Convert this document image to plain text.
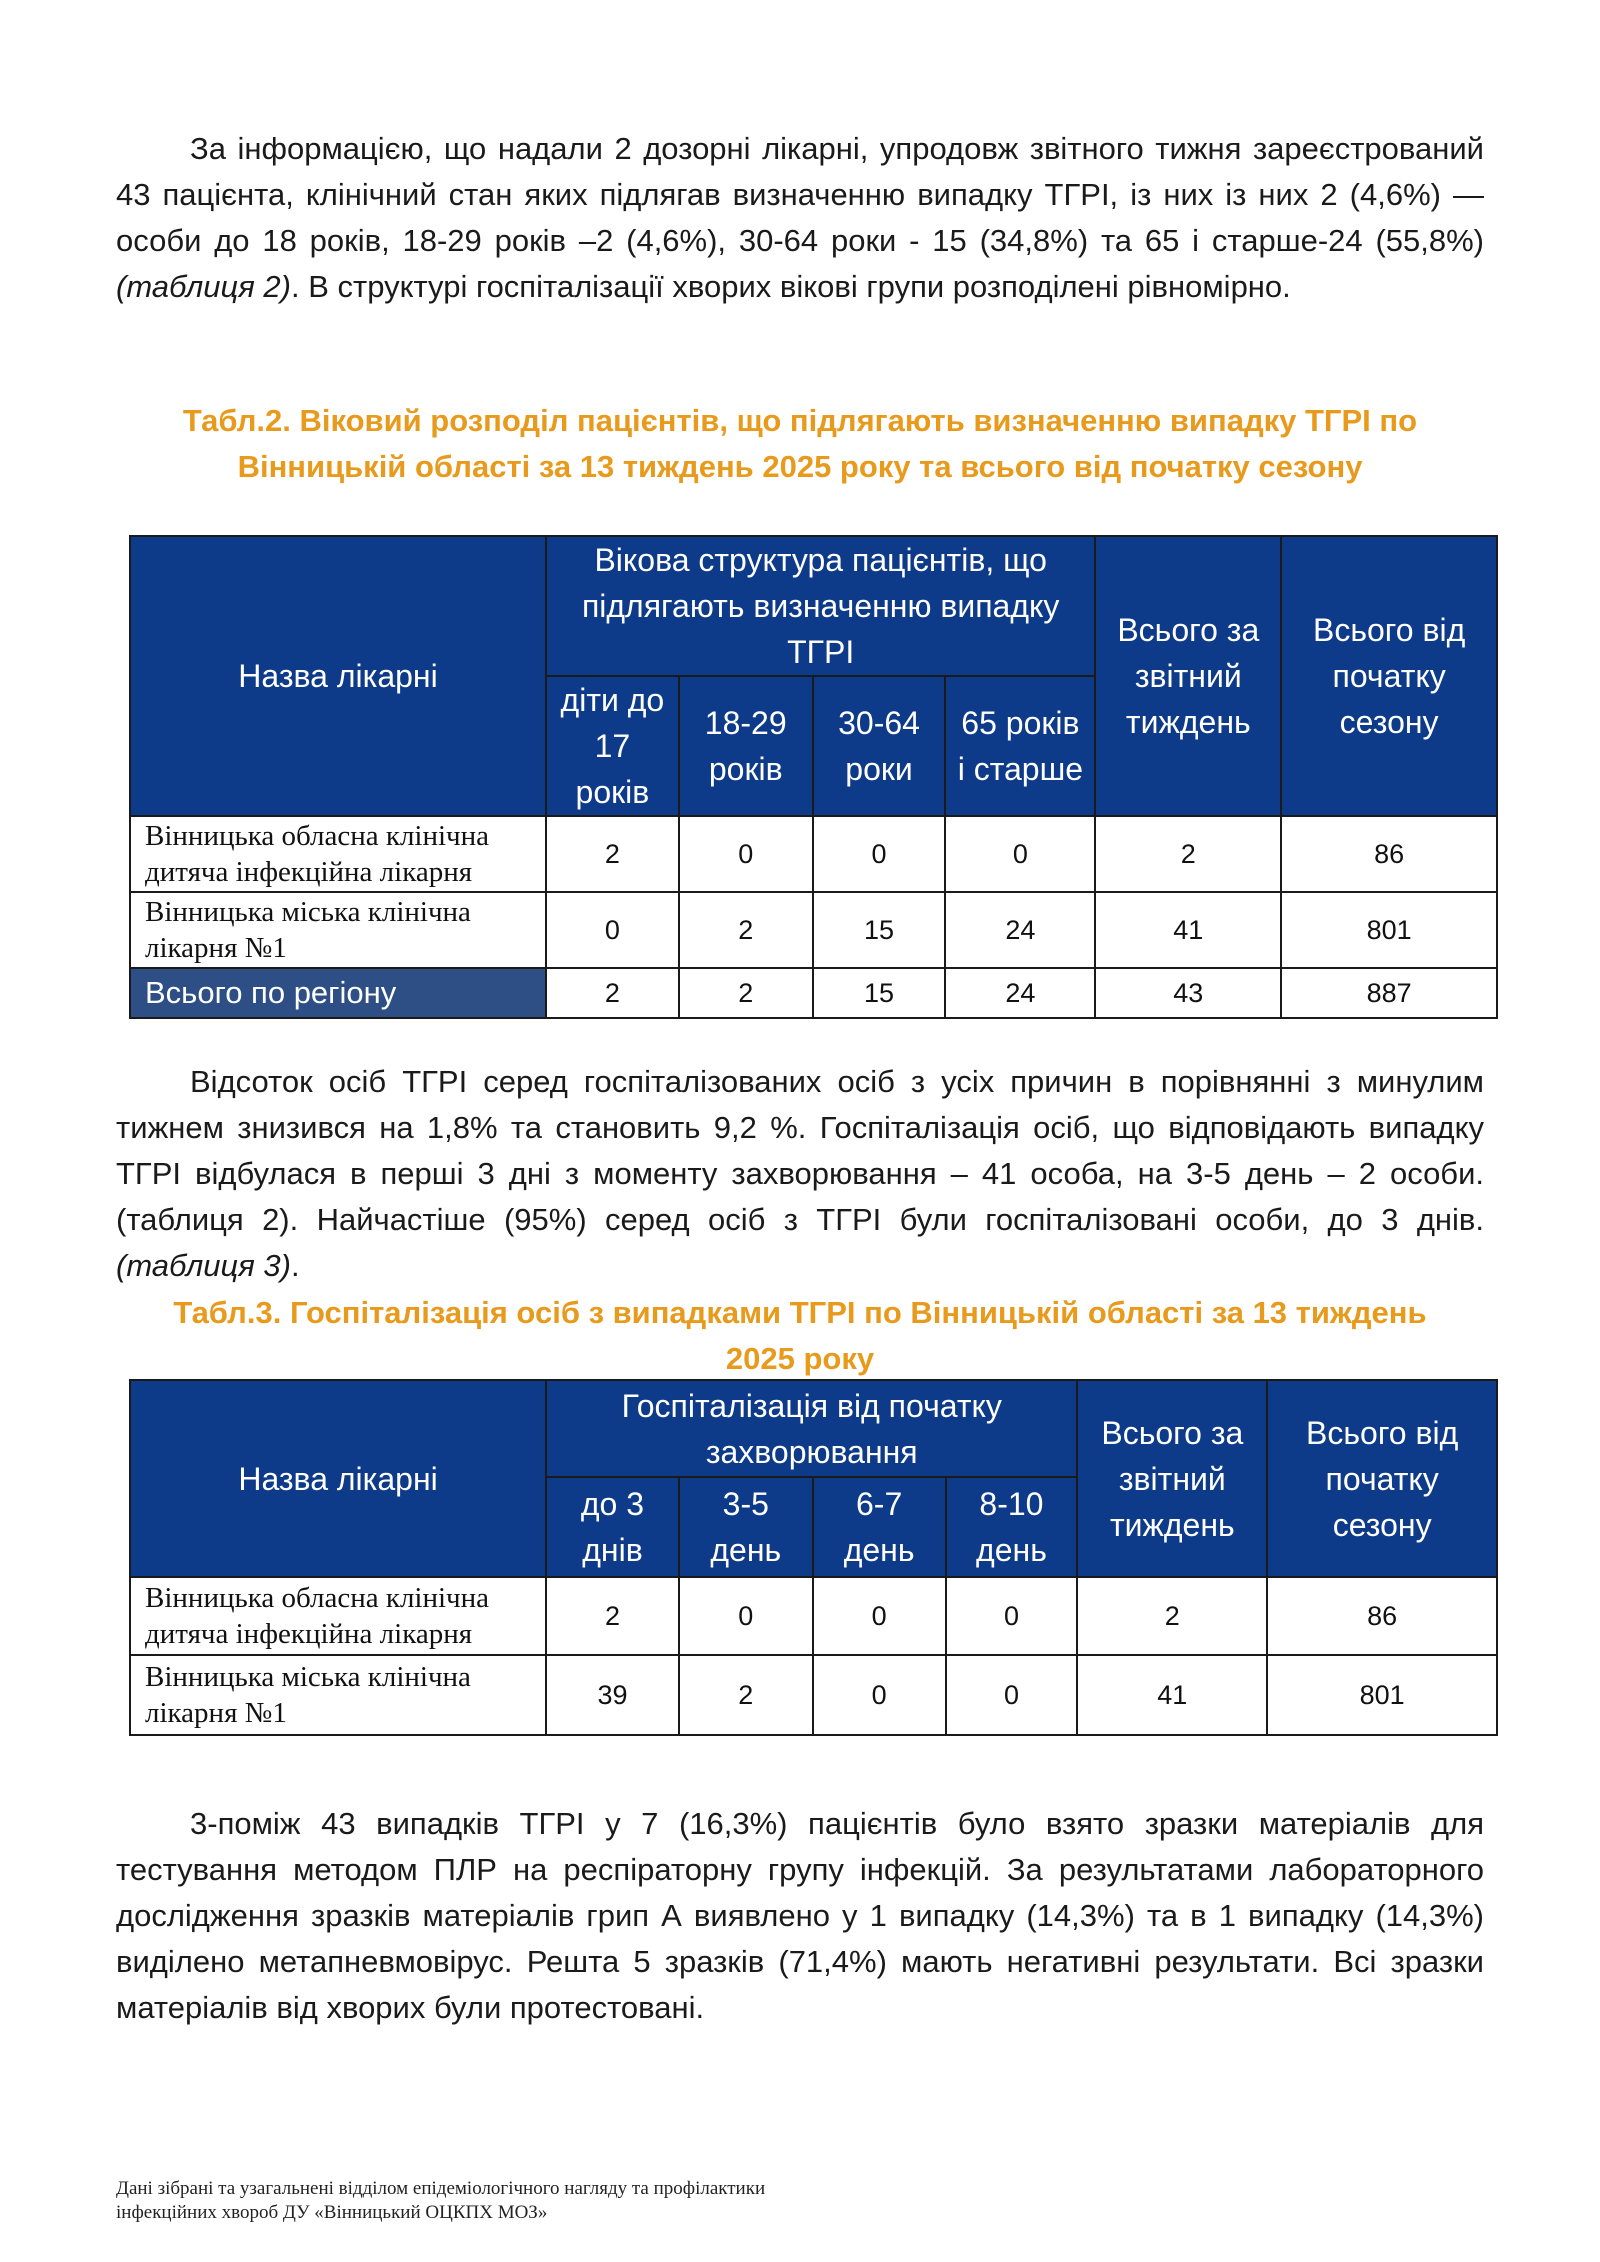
За інформацією, що надали 2 дозорні лікарні, упродовж звітного тижня зареєстрований 43 пацієнта, клінічний стан яких підлягав визначенню випадку ТГРІ, із них із них 2 (4,6%) — особи до 18 років, 18-29 років –2 (4,6%), 30-64 роки - 15 (34,8%) та 65 і старше-24 (55,8%) (таблиця 2). В структурі госпіталізації хворих вікові групи розподілені рівномірно.

Табл.2. Віковий розподіл пацієнтів, що підлягають визначенню випадку ТГРІ по
Вінницькій області за 13 тиждень 2025 року та всього від початку сезону

Назва лікарні	Вікова структура пацієнтів, що підлягають визначенню випадку ТГРІ				Всього за звітний тиждень	Всього від початку сезону
	діти до 17 років	18-29 років	30-64 роки	65 років і старше		
Вінницька обласна клінічна дитяча інфекційна лікарня	2	0	0	0	2	86
Вінницька міська клінічна лікарня №1	0	2	15	24	41	801
Всього по регіону	2	2	15	24	43	887

Відсоток осіб ТГРІ серед госпіталізованих осіб з усіх причин в порівнянні з минулим тижнем знизився на 1,8% та становить 9,2 %. Госпіталізація осіб, що відповідають випадку ТГРІ відбулася в перші 3 дні з моменту захворювання – 41 особа, на 3-5 день – 2 особи.(таблиця 2). Найчастіше (95%) серед осіб з ТГРІ були госпіталізовані особи, до 3 днів. (таблиця 3).

Табл.3. Госпіталізація осіб з випадками ТГРІ по Вінницькій області за 13 тиждень
2025 року

Назва лікарні	Госпіталізація від початку захворювання				Всього за звітний тиждень	Всього від початку сезону
	до 3 днів	3-5 день	6-7 день	8-10 день		
Вінницька обласна клінічна дитяча інфекційна лікарня	2	0	0	0	2	86
Вінницька міська клінічна лікарня №1	39	2	0	0	41	801

3-поміж 43 випадків ТГРІ у 7 (16,3%) пацієнтів було взято зразки матеріалів для тестування методом ПЛР на респіраторну групу інфекцій. За результатами лабораторного дослідження зразків матеріалів грип А виявлено у 1 випадку (14,3%) та в 1 випадку (14,3%) виділено метапневмовірус. Решта 5 зразків (71,4%) мають негативні результати. Всі зразки матеріалів від хворих були протестовані.

Дані зібрані та узагальнені відділом епідеміологічного нагляду та профілактики
інфекційних хвороб ДУ «Вінницький ОЦКПХ МОЗ»
